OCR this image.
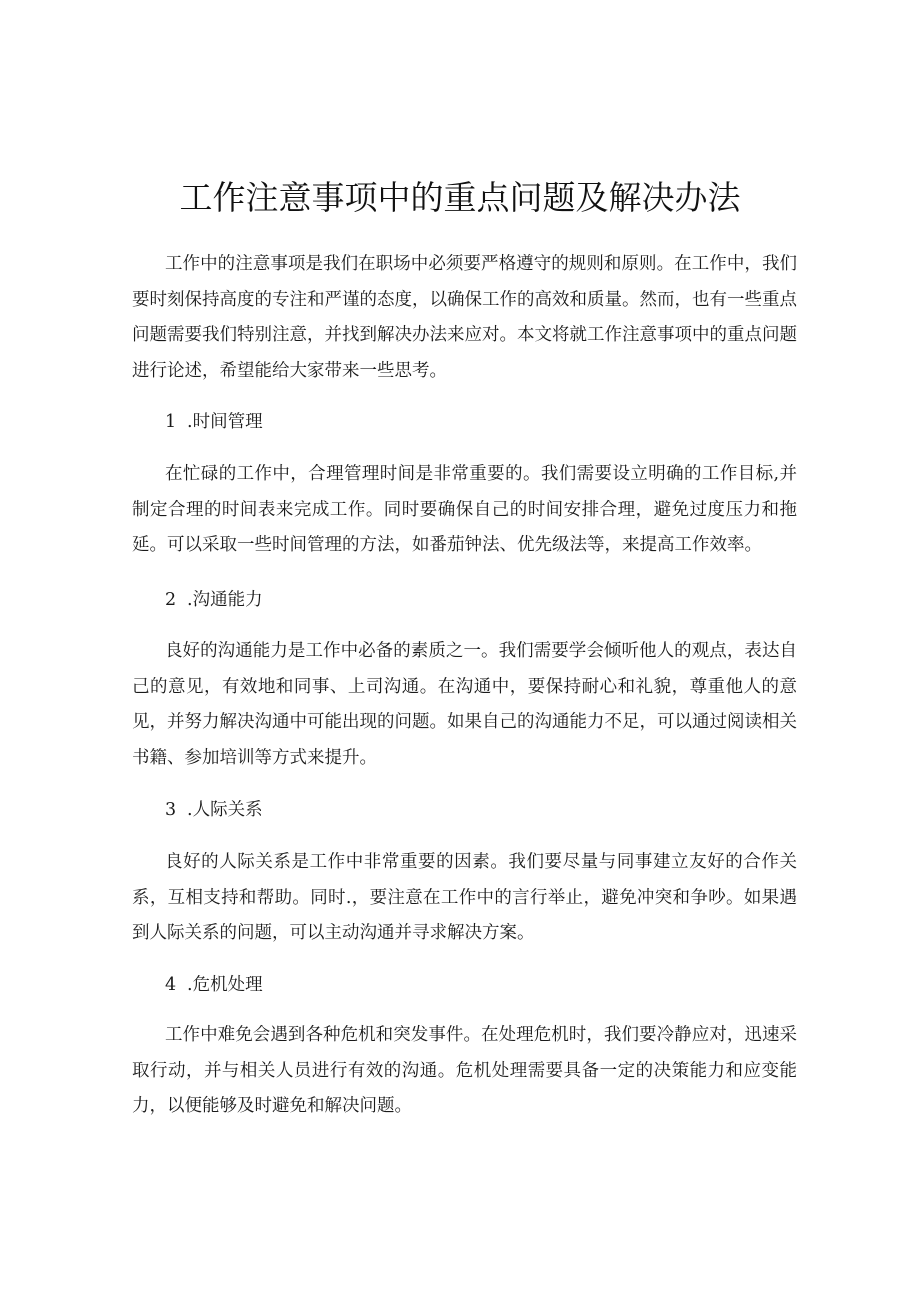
工作注意事项中的重点问题及解决办法

工作中的注意事项是我们在职场中必须要严格遵守的规则和原则。在工作中，我们要时刻保持高度的专注和严谨的态度，以确保工作的高效和质量。然而，也有一些重点问题需要我们特别注意，并找到解决办法来应对。本文将就工作注意事项中的重点问题进行论述，希望能给大家带来一些思考。

1 .时间管理

在忙碌的工作中，合理管理时间是非常重要的。我们需要设立明确的工作目标,并制定合理的时间表来完成工作。同时要确保自己的时间安排合理，避免过度压力和拖延。可以采取一些时间管理的方法，如番茄钟法、优先级法等，来提高工作效率。

2 .沟通能力

良好的沟通能力是工作中必备的素质之一。我们需要学会倾听他人的观点，表达自己的意见，有效地和同事、上司沟通。在沟通中，要保持耐心和礼貌，尊重他人的意见，并努力解决沟通中可能出现的问题。如果自己的沟通能力不足，可以通过阅读相关书籍、参加培训等方式来提升。

3 .人际关系

良好的人际关系是工作中非常重要的因素。我们要尽量与同事建立友好的合作关系，互相支持和帮助。同时.，要注意在工作中的言行举止，避免冲突和争吵。如果遇到人际关系的问题，可以主动沟通并寻求解决方案。

4 .危机处理

工作中难免会遇到各种危机和突发事件。在处理危机时，我们要冷静应对，迅速采取行动，并与相关人员进行有效的沟通。危机处理需要具备一定的决策能力和应变能力，以便能够及时避免和解决问题。
